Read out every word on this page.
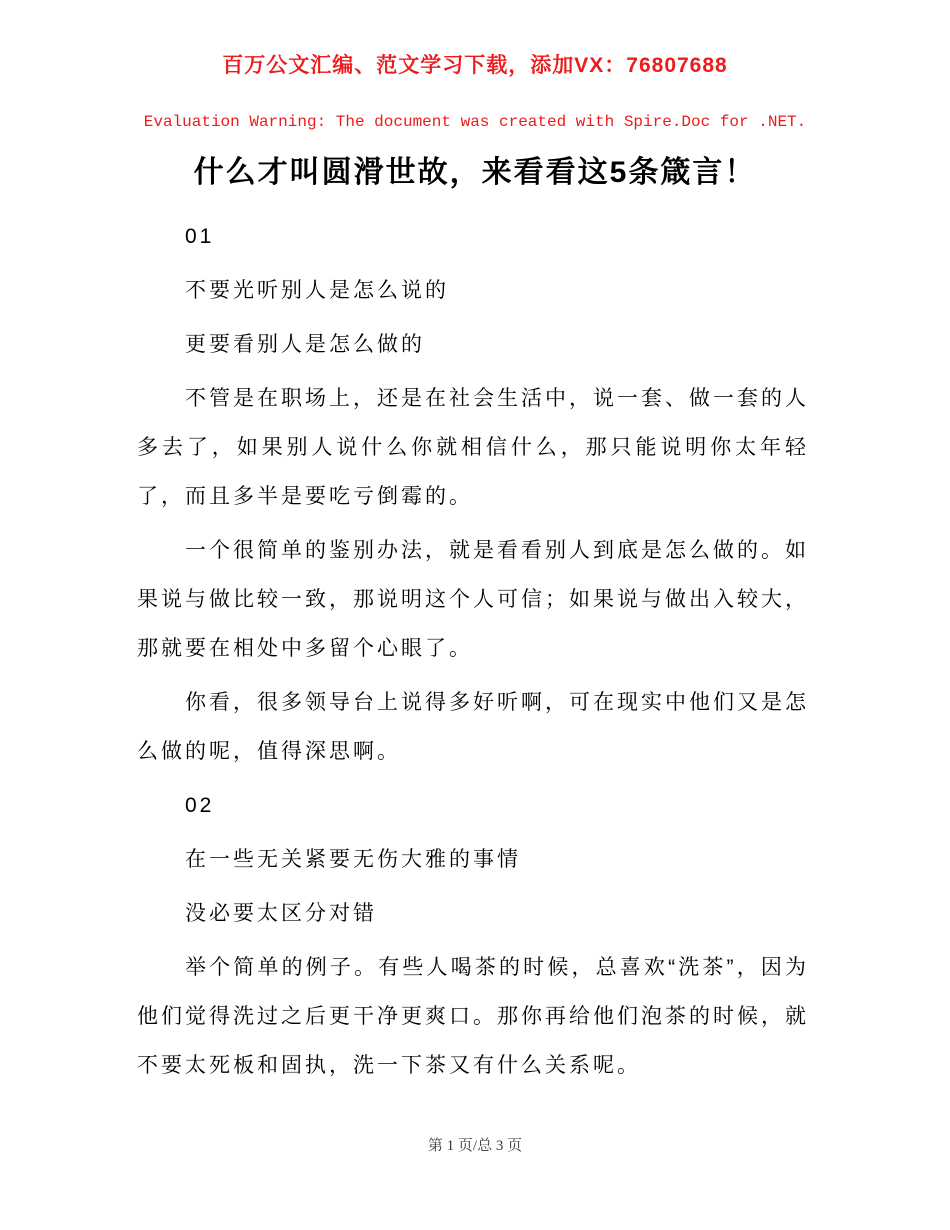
百万公文汇编、范文学习下载，添加VX：76807688
Evaluation Warning: The document was created with Spire.Doc for .NET.
什么才叫圆滑世故，来看看这5条箴言！

01

不要光听别人是怎么说的

更要看别人是怎么做的

不管是在职场上，还是在社会生活中，说一套、做一套的人多去了，如果别人说什么你就相信什么，那只能说明你太年轻了，而且多半是要吃亏倒霉的。

一个很简单的鉴别办法，就是看看别人到底是怎么做的。如果说与做比较一致，那说明这个人可信；如果说与做出入较大，那就要在相处中多留个心眼了。

你看，很多领导台上说得多好听啊，可在现实中他们又是怎么做的呢，值得深思啊。

02

在一些无关紧要无伤大雅的事情

没必要太区分对错

举个简单的例子。有些人喝茶的时候，总喜欢“洗茶”，因为他们觉得洗过之后更干净更爽口。那你再给他们泡茶的时候，就不要太死板和固执，洗一下茶又有什么关系呢。

第 1 页/总 3 页
